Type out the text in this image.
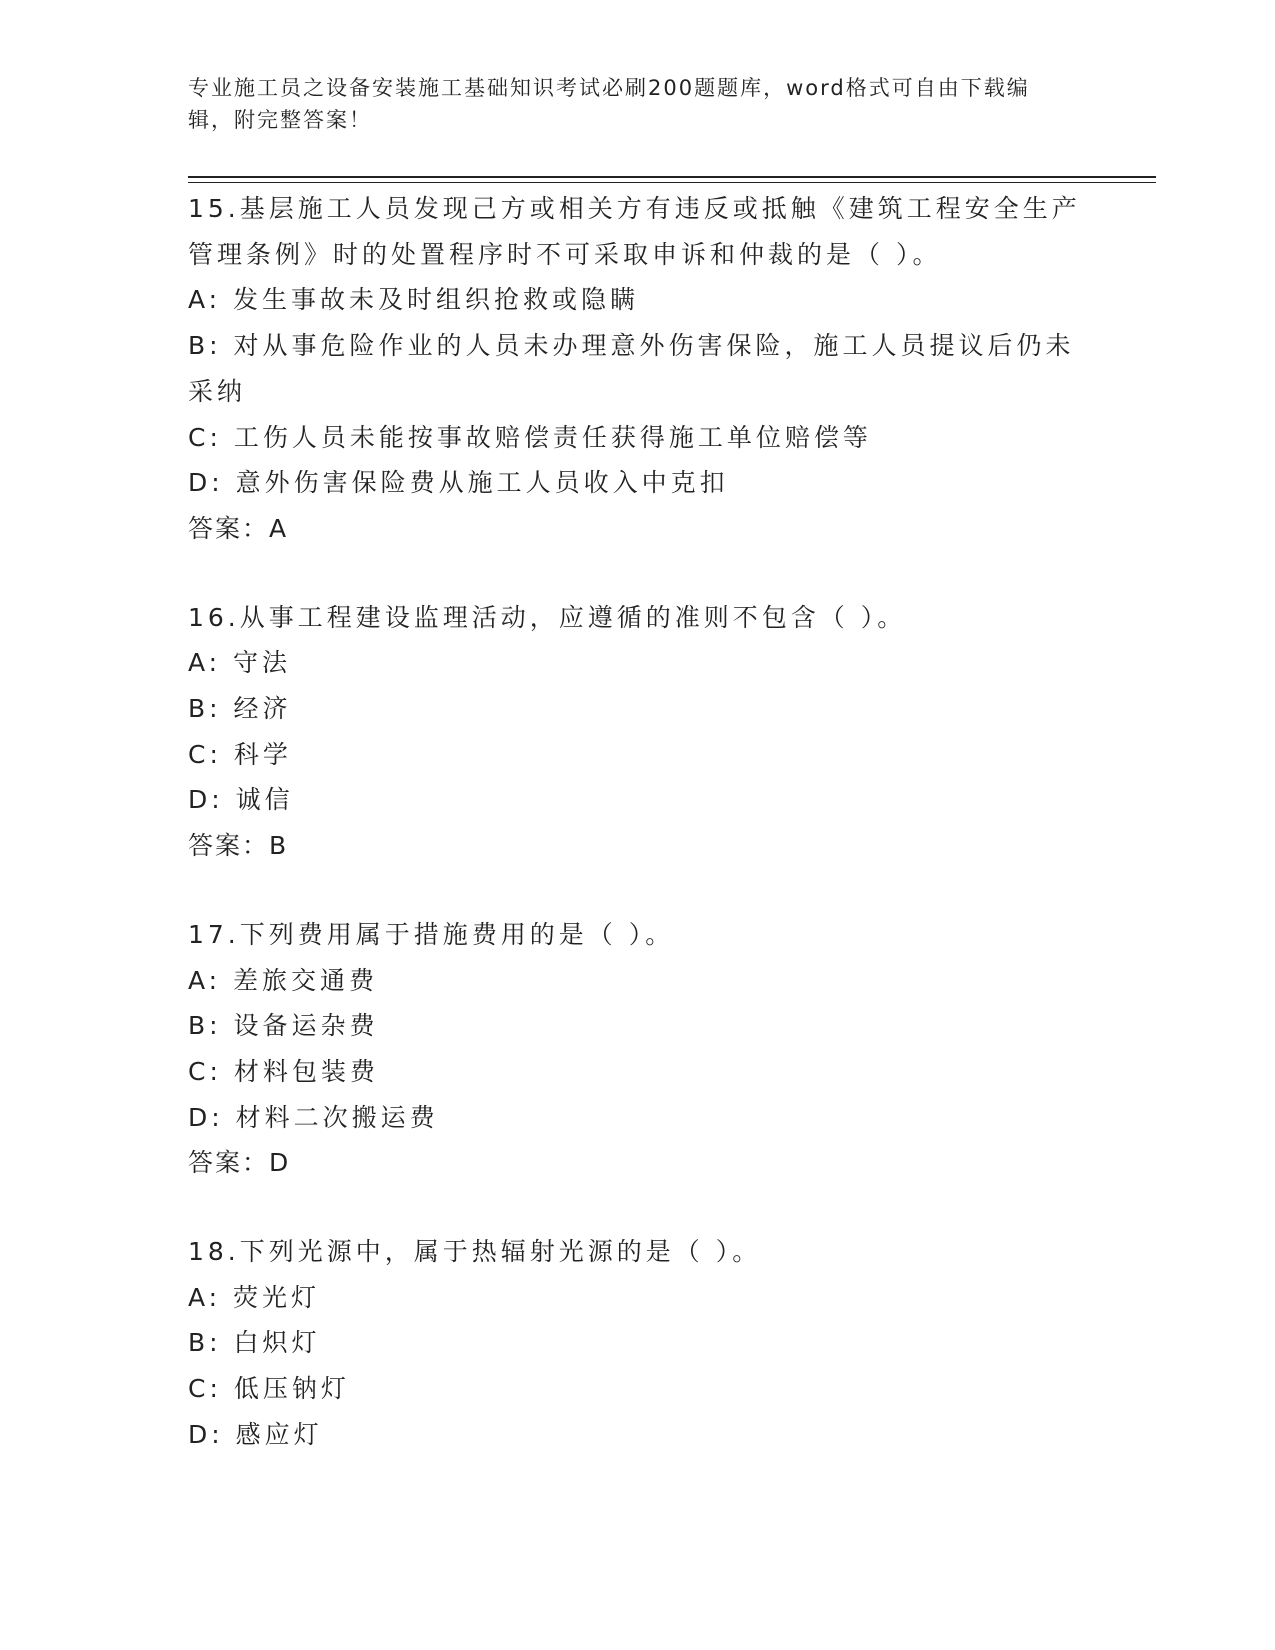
专业施工员之设备安装施工基础知识考试必刷200题题库，word格式可自由下载编辑，附完整答案！

15.基层施工人员发现己方或相关方有违反或抵触《建筑工程安全生产管理条例》时的处置程序时不可采取申诉和仲裁的是（ ）。

A: 发生事故未及时组织抢救或隐瞒

B: 对从事危险作业的人员未办理意外伤害保险，施工人员提议后仍未采纳

C: 工伤人员未能按事故赔偿责任获得施工单位赔偿等

D: 意外伤害保险费从施工人员收入中克扣

答案：A

16.从事工程建设监理活动，应遵循的准则不包含（ ）。

A: 守法

B: 经济

C: 科学

D: 诚信

答案：B

17.下列费用属于措施费用的是（ ）。

A: 差旅交通费

B: 设备运杂费

C: 材料包装费

D: 材料二次搬运费

答案：D

18.下列光源中，属于热辐射光源的是（ ）。

A: 荧光灯

B: 白炽灯

C: 低压钠灯

D: 感应灯
